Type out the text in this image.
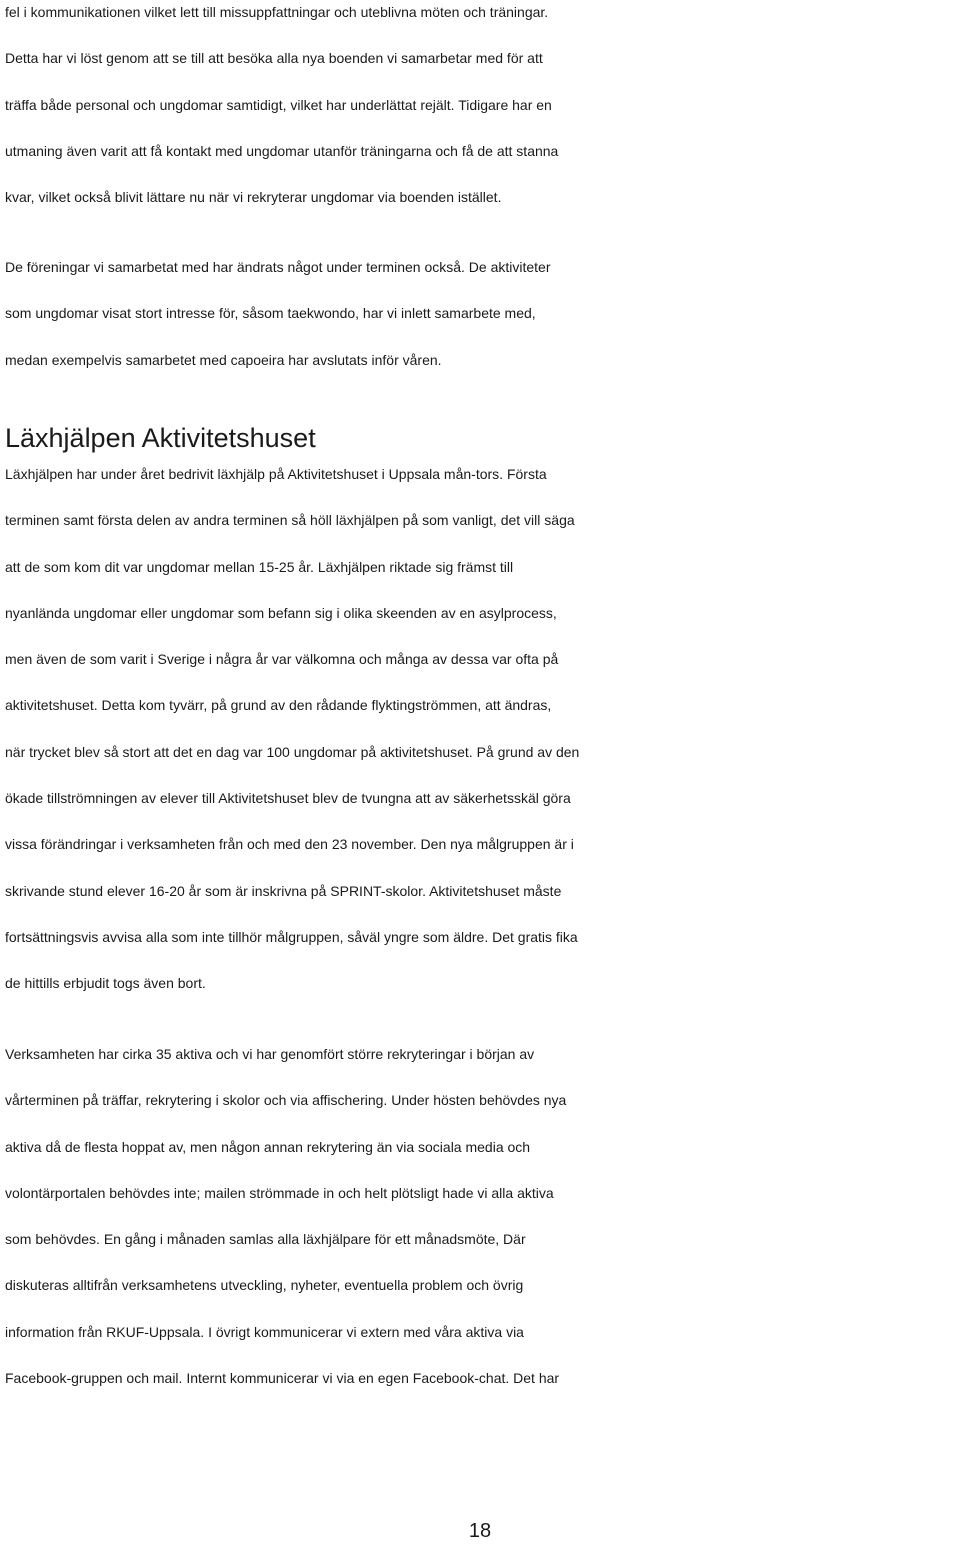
fel i kommunikationen vilket lett till missuppfattningar och uteblivna möten och träningar.
Detta har vi löst genom att se till att besöka alla nya boenden vi samarbetar med för att
träffa både personal och ungdomar samtidigt, vilket har underlättat rejält. Tidigare har en
utmaning även varit att få kontakt med ungdomar utanför träningarna och få de att stanna
kvar, vilket också blivit lättare nu när vi rekryterar ungdomar via boenden istället.

De föreningar vi samarbetat med har ändrats något under terminen också. De aktiviteter
som ungdomar visat stort intresse för, såsom taekwondo, har vi inlett samarbete med,
medan exempelvis samarbetet med capoeira har avslutats inför våren.

Läxhjälpen Aktivitetshuset

Läxhjälpen har under året bedrivit läxhjälp på Aktivitetshuset i Uppsala mån-tors. Första
terminen samt första delen av andra terminen så höll läxhjälpen på som vanligt, det vill säga
att de som kom dit var ungdomar mellan 15-25 år. Läxhjälpen riktade sig främst till
nyanlända ungdomar eller ungdomar som befann sig i olika skeenden av en asylprocess,
men även de som varit i Sverige i några år var välkomna och många av dessa var ofta på
aktivitetshuset. Detta kom tyvärr, på grund av den rådande flyktingströmmen, att ändras,
när trycket blev så stort att det en dag var 100 ungdomar på aktivitetshuset. På grund av den
ökade tillströmningen av elever till Aktivitetshuset blev de tvungna att av säkerhetsskäl göra
vissa förändringar i verksamheten från och med den 23 november. Den nya målgruppen är i
skrivande stund elever 16-20 år som är inskrivna på SPRINT-skolor. Aktivitetshuset måste
fortsättningsvis avvisa alla som inte tillhör målgruppen, såväl yngre som äldre. Det gratis fika
de hittills erbjudit togs även bort.

Verksamheten har cirka 35 aktiva och vi har genomfört större rekryteringar i början av
vårterminen på träffar, rekrytering i skolor och via affischering. Under hösten behövdes nya
aktiva då de flesta hoppat av, men någon annan rekrytering än via sociala media och
volontärportalen behövdes inte; mailen strömmade in och helt plötsligt hade vi alla aktiva
som behövdes. En gång i månaden samlas alla läxhjälpare för ett månadsmöte, Där
diskuteras alltifrån verksamhetens utveckling, nyheter, eventuella problem och övrig
information från RKUF-Uppsala. I övrigt kommunicerar vi extern med våra aktiva via
Facebook-gruppen och mail. Internt kommunicerar vi via en egen Facebook-chat. Det har

18
